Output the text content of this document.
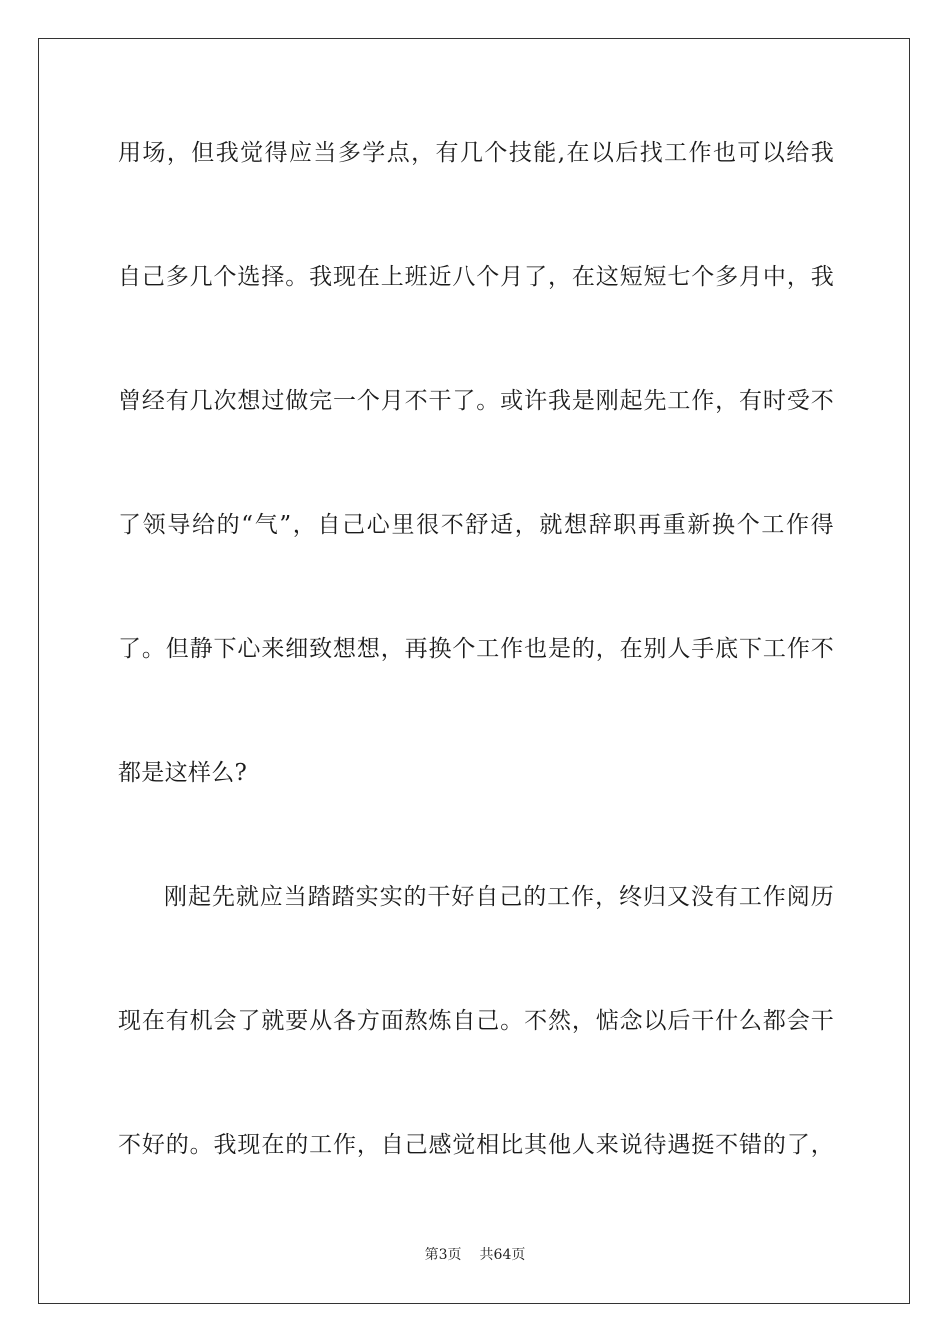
用场，但我觉得应当多学点，有几个技能,在以后找工作也可以给我
自己多几个选择。我现在上班近八个月了，在这短短七个多月中，我
曾经有几次想过做完一个月不干了。或许我是刚起先工作，有时受不
了领导给的“气”，自己心里很不舒适，就想辞职再重新换个工作得
了。但静下心来细致想想，再换个工作也是的，在别人手底下工作不
都是这样么?
刚起先就应当踏踏实实的干好自己的工作，终归又没有工作阅历
现在有机会了就要从各方面熬炼自己。不然，惦念以后干什么都会干
不好的。我现在的工作，自己感觉相比其他人来说待遇挺不错的了，
第3页 共64页
